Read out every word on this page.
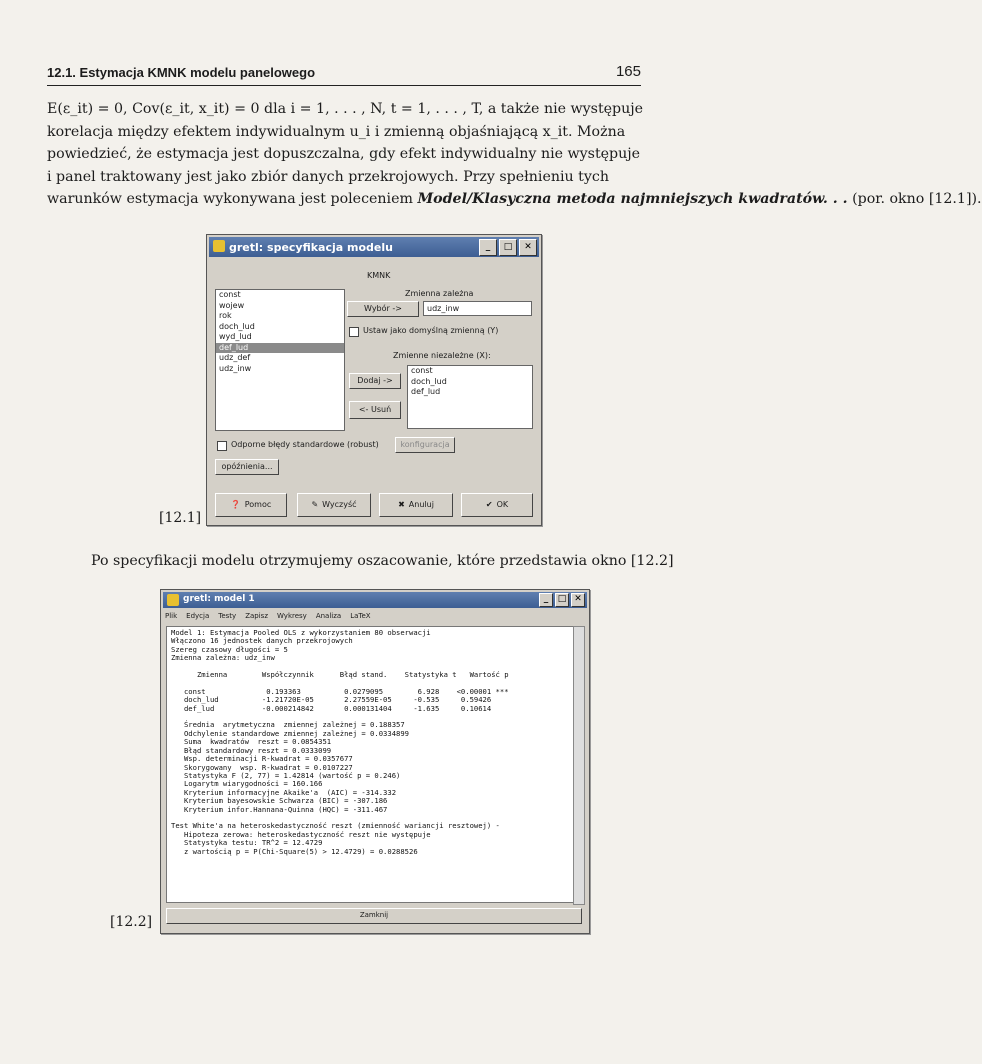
12.1. Estymacja KMNK modelu panelowego	165
E(ε_it) = 0, Cov(ε_it, x_it) = 0 dla i = 1, . . . , N, t = 1, . . . , T, a także nie występuje
korelacja między efektem indywidualnym u_i i zmienną objaśniającą x_it. Można
powiedzieć, że estymacja jest dopuszczalna, gdy efekt indywidualny nie występuje
i panel traktowany jest jako zbiór danych przekrojowych. Przy spełnieniu tych
warunków estymacja wykonywana jest poleceniem Model/Klasyczna metoda najmniejszych kwadratów. . . (por. okno [12.1]).
gretl: specyfikacja modelu	_	□	✕
KMNK
const
wojew
rok
doch_lud
wyd_lud
def_lud
udz_def
udz_inw
Zmienna zależna
Wybór ->	udz_inw
Ustaw jako domyślną zmienną (Y)
Zmienne niezależne (X):
Dodaj ->
<- Usuń
const
doch_lud
def_lud
Odporne błędy standardowe (robust)	konfiguracja
opóźnienia...
❓ Pomoc	✎ Wyczyść	✖ Anuluj	✔ OK
[12.1]
Po specyfikacji modelu otrzymujemy oszacowanie, które przedstawia okno [12.2]
gretl: model 1	_	□ ✕
Plik Edycja Testy Zapisz Wykresy Analiza LaTeX
Model 1: Estymacja Pooled OLS z wykorzystaniem 80 obserwacji
Włączono 16 jednostek danych przekrojowych
Szereg czasowy długości = 5
Zmienna zależna: udz_inw

Zmienna        Współczynnik      Błąd stand.    Statystyka t   Wartość p

const              0.193363          0.0279095        6.928    <0.00001 ***
doch_lud          -1.21720E-05       2.27559E-05     -0.535     0.59426
def_lud           -0.000214842       0.000131404     -1.635     0.10614

Średnia  arytmetyczna  zmiennej zależnej = 0.188357
Odchylenie standardowe zmiennej zależnej = 0.0334899
Suma  kwadratów  reszt = 0.0854351
Błąd standardowy reszt = 0.0333099
Wsp. determinacji R-kwadrat = 0.0357677
Skorygowany  wsp. R-kwadrat = 0.0107227
Statystyka F (2, 77) = 1.42814 (wartość p = 0.246)
Logarytm wiarygodności = 160.166
Kryterium informacyjne Akaike'a  (AIC) = -314.332
Kryterium bayesowskie Schwarza (BIC) = -307.186
Kryterium infor.Hannana-Quinna (HQC) = -311.467

Test White'a na heteroskedastyczność reszt (zmienność wariancji resztowej) -
Hipoteza zerowa: heteroskedastyczność reszt nie występuje
Statystyka testu: TR^2 = 12.4729
z wartością p = P(Chi-Square(5) > 12.4729) = 0.0288526
Zamknij
[12.2]
